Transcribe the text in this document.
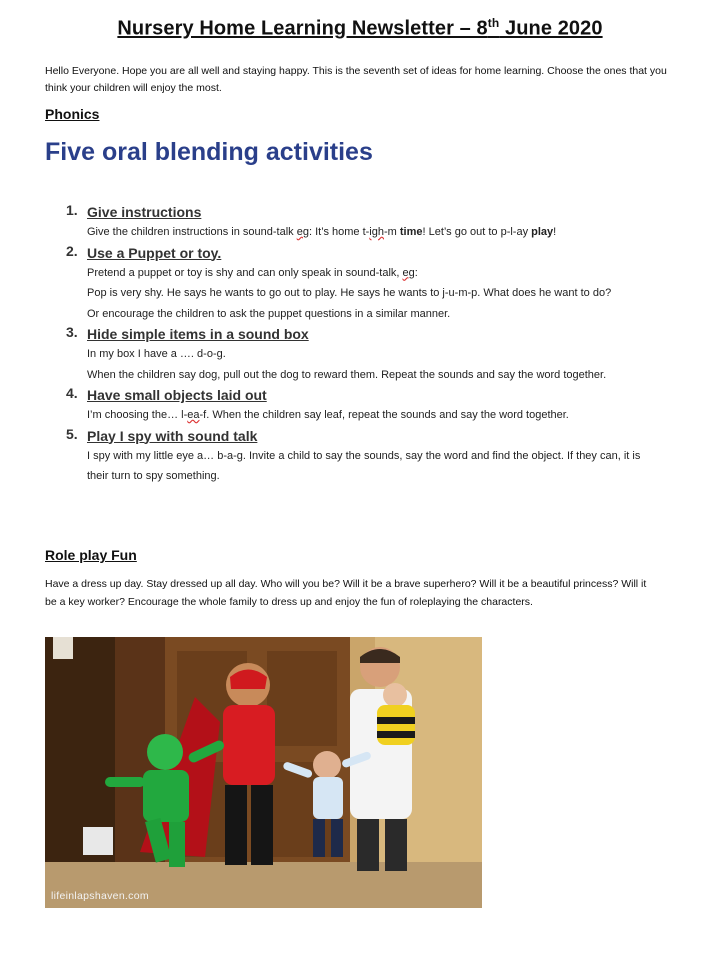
Nursery Home Learning Newsletter – 8th June 2020
Hello Everyone. Hope you are all well and staying happy. This is the seventh set of ideas for home learning. Choose the ones that you think your children will enjoy the most.
Phonics
Five oral blending activities
1. Give instructions
Give the children instructions in sound-talk eg: It’s home t-igh-m time! Let’s go out to p-l-ay play!
2. Use a Puppet or toy.
Pretend a puppet or toy is shy and can only speak in sound-talk, eg:
Pop is very shy. He says he wants to go out to play. He says he wants to j-u-m-p. What does he want to do?
Or encourage the children to ask the puppet questions in a similar manner.
3. Hide simple items in a sound box
In my box I have a …. d-o-g.
When the children say dog, pull out the dog to reward them. Repeat the sounds and say the word together.
4. Have small objects laid out
I’m choosing the… l-ea-f. When the children say leaf, repeat the sounds and say the word together.
5. Play I spy with sound talk
I spy with my little eye a… b-a-g. Invite a child to say the sounds, say the word and find the object. If they can, it is their turn to spy something.
Role play Fun
Have a dress up day. Stay dressed up all day. Who will you be? Will it be a brave superhero? Will it be a beautiful princess? Will it be a key worker? Encourage the whole family to dress up and enjoy the fun of roleplaying the characters.
lifeinlapshaven.com
